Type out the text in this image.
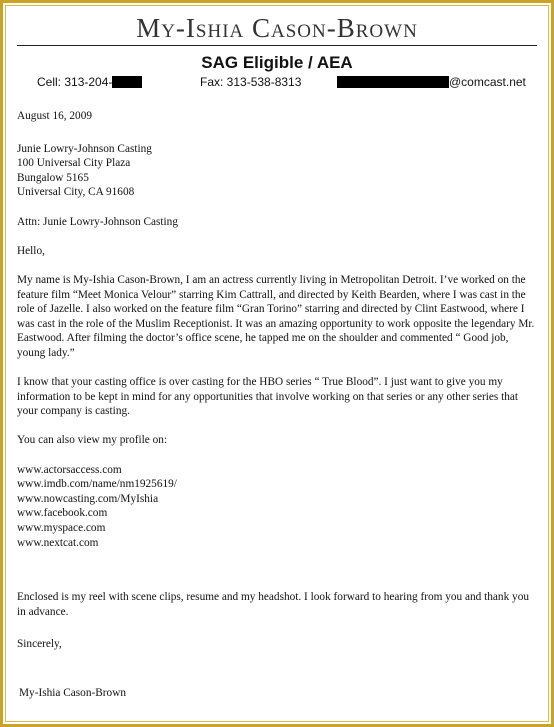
My-Ishia Cason-Brown
SAG Eligible / AEA
Cell: 313-204-	Fax: 313-538-8313	@comcast.net

August 16, 2009

Junie Lowry-Johnson Casting
100 Universal City Plaza
Bungalow 5165
Universal City, CA 91608

Attn: Junie Lowry-Johnson Casting

Hello,

My name is My-Ishia Cason-Brown, I am an actress currently living in Metropolitan Detroit. I’ve worked on the feature film “Meet Monica Velour” starring Kim Cattrall, and directed by Keith Bearden, where I was cast in the role of Jazelle. I also worked on the feature film “Gran Torino” starring and directed by Clint Eastwood, where I was cast in the role of the Muslim Receptionist. It was an amazing opportunity to work opposite the legendary Mr. Eastwood. After filming the doctor’s office scene, he tapped me on the shoulder and commented “ Good job, young lady.”

I know that your casting office is over casting for the HBO series “ True Blood”. I just want to give you my information to be kept in mind for any opportunities that involve working on that series or any other series that your company is casting.

You can also view my profile on:

www.actorsaccess.com
www.imdb.com/name/nm1925619/
www.nowcasting.com/MyIshia
www.facebook.com
www.myspace.com
www.nextcat.com

Enclosed is my reel with scene clips, resume and my headshot. I look forward to hearing from you and thank you in advance.

Sincerely,

My-Ishia Cason-Brown
